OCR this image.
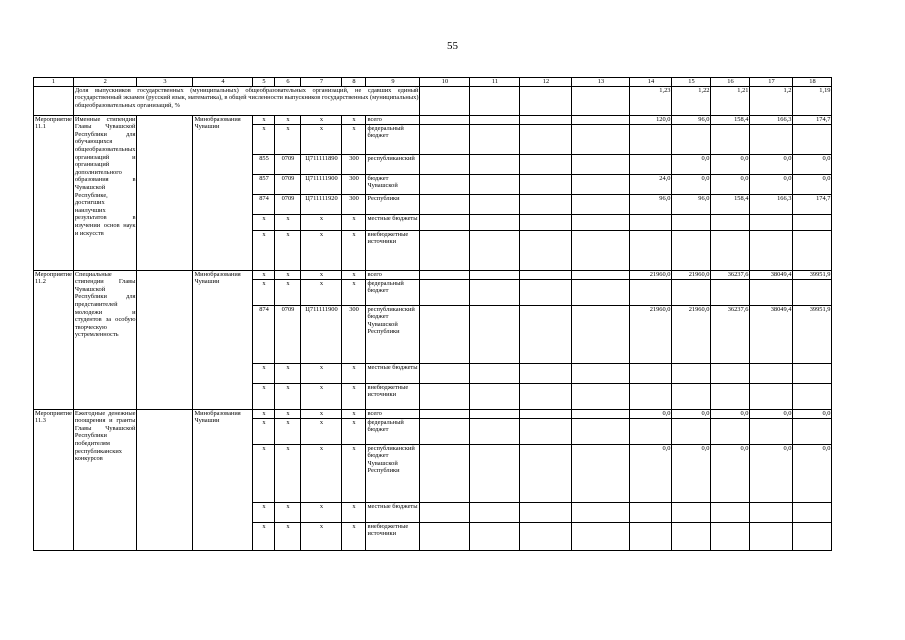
55
1	2	3	4	5	6	7	8	9	10	11	12	13	14	15	16	17	18
	Доля выпускников государственных (муниципальных) общеобразовательных организаций, не сдавших единый государственный экзамен (русский язык, математика), в общей численности выпускников государственных (муниципальных) общеобразовательных организаций, %												1,23	1,22	1,21	1,2	1,19
Мероприятие 11.1	Именные стипендии Главы Чувашской Республики для обучающихся общеобразовательных организаций и организаций дополнительного образования в Чувашской Республике, достигших наилучших результатов в изучении основ наук и искусств		Минобразования Чувашии	x	x	x	x	всего					120,0	96,0	158,4	166,3	174,7
				x	x	x	x	федеральный бюджет									
				855	0709	Ц711111890	300	республиканский						0,0	0,0	0,0	0,0
				857	0709	Ц711111900	300	бюджет Чувашской					24,0	0,0	0,0	0,0	0,0
				874	0709	Ц711111920	300	Республики					96,0	96,0	158,4	166,3	174,7
				x	x	x	x	местные бюджеты									
				x	x	x	x	внебюджетные источники									
Мероприятие 11.2	Специальные стипендии Главы Чувашской Республики для представителей молодежи и студентов за особую творческую устремленность		Минобразования Чувашии	x	x	x	x	всего					21960,0	21960,0	36237,6	38049,4	39951,9
				x	x	x	x	федеральный бюджет									
				874	0709	Ц711111900	300	республиканский бюджет Чувашской Республики					21960,0	21960,0	36237,6	38049,4	39951,9
				x	x	x	x	местные бюджеты									
				x	x	x	x	внебюджетные источники									
Мероприятие 11.3	Ежегодные денежные поощрения и гранты Главы Чувашской Республики победителям республиканских конкурсов		Минобразования Чувашии	x	x	x	x	всего					0,0	0,0	0,0	0,0	0,0
				x	x	x	x	федеральный бюджет									
				x	x	x	x	республиканский бюджет Чувашской Республики					0,0	0,0	0,0	0,0	0,0
				x	x	x	x	местные бюджеты									
				x	x	x	x	внебюджетные источники									
